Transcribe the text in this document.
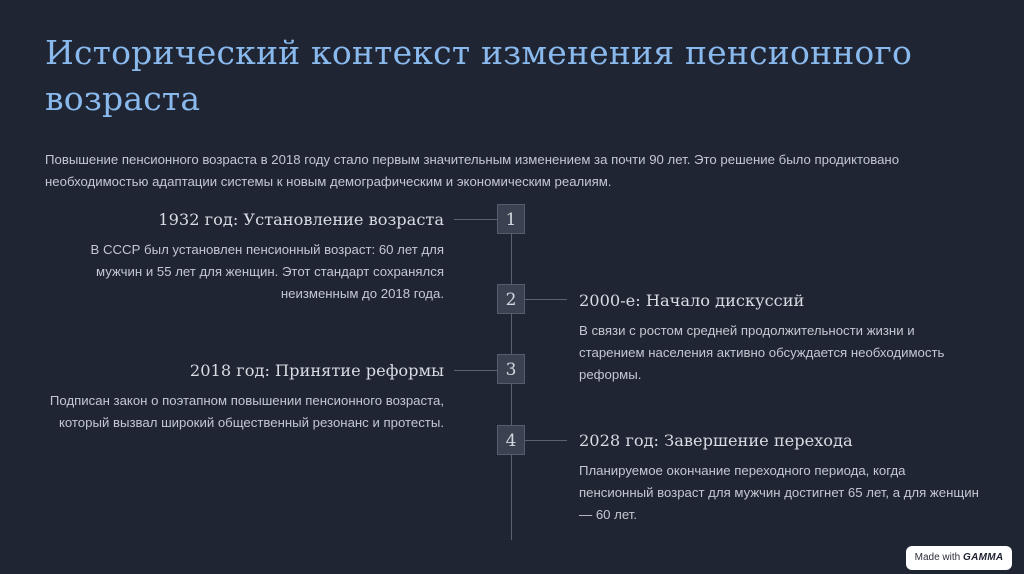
Исторический контекст изменения пенсионного возраста

Повышение пенсионного возраста в 2018 году стало первым значительным изменением за почти 90 лет. Это решение было продиктовано необходимостью адаптации системы к новым демографическим и экономическим реалиям.

1
1932 год: Установление возраста

В СССР был установлен пенсионный возраст: 60 лет для мужчин и 55 лет для женщин. Этот стандарт сохранялся неизменным до 2018 года.	2	2000-е: Начало дискуссий

В связи с ростом средней продолжительности жизни и старением населения активно обсуждается необходимость реформы.

3
2018 год: Принятие реформы

Подписан закон о поэтапном повышении пенсионного возраста, который вызвал широкий общественный резонанс и протесты.

4	2028 год: Завершение перехода

Планируемое окончание переходного периода, когда пенсионный возраст для мужчин достигнет 65 лет, а для женщин — 60 лет.

Made with GAMMA
